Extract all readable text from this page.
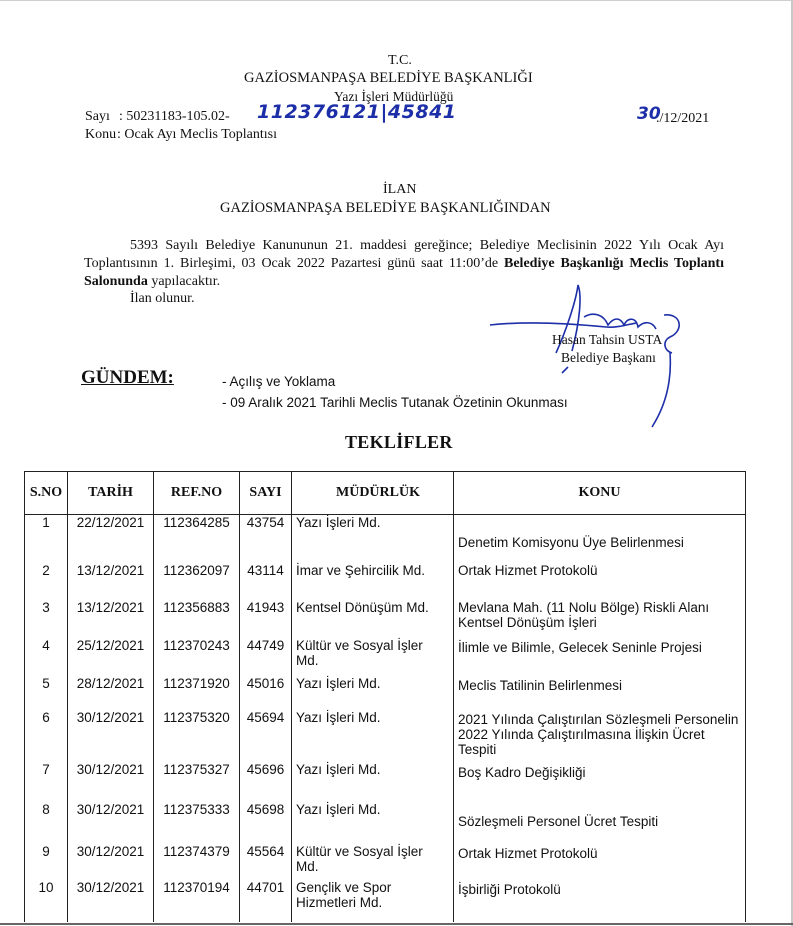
T.C.
GAZİOSMANPAŞA BELEDİYE BAŞKANLIĞI
Yazı İşleri Müdürlüğü
Sayı : 50231183-105.02- 112376121|45841
Konu : Ocak Ayı Meclis Toplantısı
30
./12/2021
İLAN
GAZİOSMANPAŞA BELEDİYE BAŞKANLIĞINDAN
5393 Sayılı Belediye Kanununun 21. maddesi gereğince; Belediye Meclisinin 2022 Yılı Ocak Ayı Toplantısının 1. Birleşimi, 03 Ocak 2022 Pazartesi günü saat 11:00’de Belediye Başkanlığı Meclis Toplantı Salonunda yapılacaktır.
İlan olunur.
Hasan Tahsin USTA
Belediye Başkanı
GÜNDEM:	- Açılış ve Yoklama
- 09 Aralık 2021 Tarihli Meclis Tutanak Özetinin Okunması
TEKLİFLER
S.NO	TARİH	REF.NO	SAYI	MÜDÜRLÜK	KONU
1	22/12/2021	112364285	43754	Yazı İşleri Md.	Denetim Komisyonu Üye Belirlenmesi
2	13/12/2021	112362097	43114	İmar ve Şehircilik Md.	Ortak Hizmet Protokolü
3	13/12/2021	112356883	41943	Kentsel Dönüşüm Md.	Mevlana Mah. (11 Nolu Bölge) Riskli Alanı Kentsel Dönüşüm İşleri
4	25/12/2021	112370243	44749	Kültür ve Sosyal İşler Md.	İlimle ve Bilimle, Gelecek Seninle Projesi
5	28/12/2021	112371920	45016	Yazı İşleri Md.	Meclis Tatilinin Belirlenmesi
6	30/12/2021	112375320	45694	Yazı İşleri Md.	2021 Yılında Çalıştırılan Sözleşmeli Personelin 2022 Yılında Çalıştırılmasına İlişkin Ücret Tespiti
7	30/12/2021	112375327	45696	Yazı İşleri Md.	Boş Kadro Değişikliği
8	30/12/2021	112375333	45698	Yazı İşleri Md.	Sözleşmeli Personel Ücret Tespiti
9	30/12/2021	112374379	45564	Kültür ve Sosyal İşler Md.	Ortak Hizmet Protokolü
10	30/12/2021	112370194	44701	Gençlik ve Spor Hizmetleri Md.	İşbirliği Protokolü
